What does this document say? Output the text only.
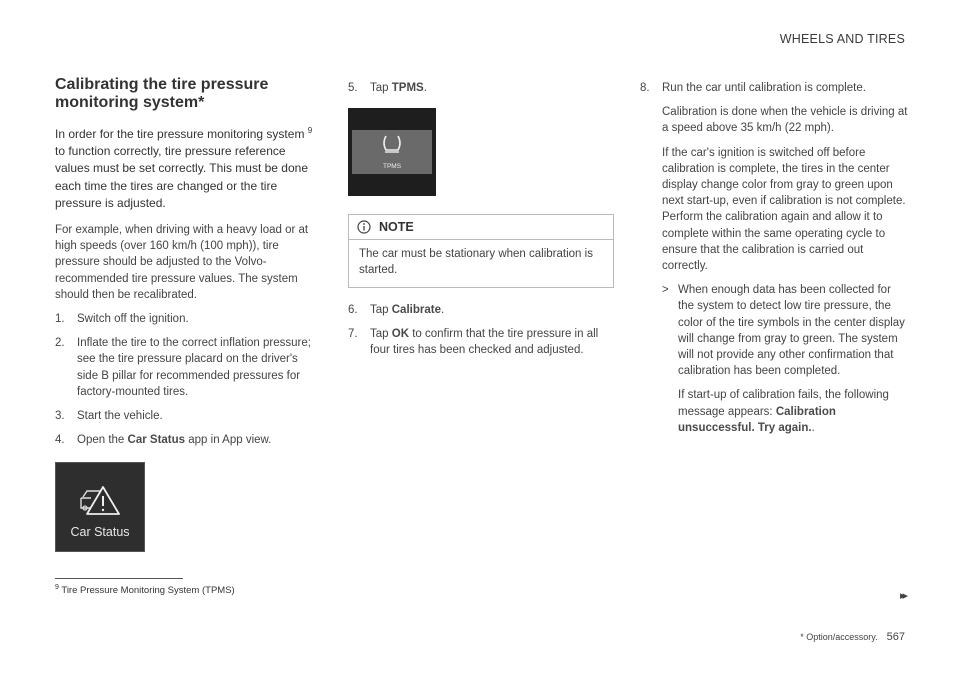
WHEELS AND TIRES
Calibrating the tire pressure
monitoring system*
In order for the tire pressure monitoring system $^9$ to function correctly, tire pressure reference values must be set correctly. This must be done each time the tires are changed or the tire pressure is adjusted.

For example, when driving with a heavy load or at high speeds (over 160 km/h (100 mph)), tire pressure should be adjusted to the Volvo-recommended tire pressure values. The system should then be recalibrated.

1.	Switch off the ignition.
2.	Inflate the tire to the correct inflation pressure; see the tire pressure placard on the driver's side B pillar for recommended pressures for factory-mounted tires.
3.	Start the vehicle.
4.	Open the Car Status app in App view.
Car Status
5.	Tap TPMS.
TPMS
NOTE
The car must be stationary when calibration is started.
6.	Tap Calibrate.
7.	Tap OK to confirm that the tire pressure in all four tires has been checked and adjusted.
8.	Run the car until calibration is complete.

Calibration is done when the vehicle is driving at a speed above 35 km/h (22 mph).

If the car's ignition is switched off before calibration is complete, the tires in the center display change color from gray to green upon next start-up, even if calibration is not complete. Perform the calibration again and allow it to complete within the same operating cycle to ensure that the calibration is carried out correctly.

> When enough data has been collected for the system to detect low tire pressure, the color of the tire symbols in the center display will change from gray to green. The system will not provide any other confirmation that calibration has been completed.

If start-up of calibration fails, the following message appears: Calibration unsuccessful. Try again..

$^9$ Tire Pressure Monitoring System (TPMS)	▸▸
* Option/accessory. 567
